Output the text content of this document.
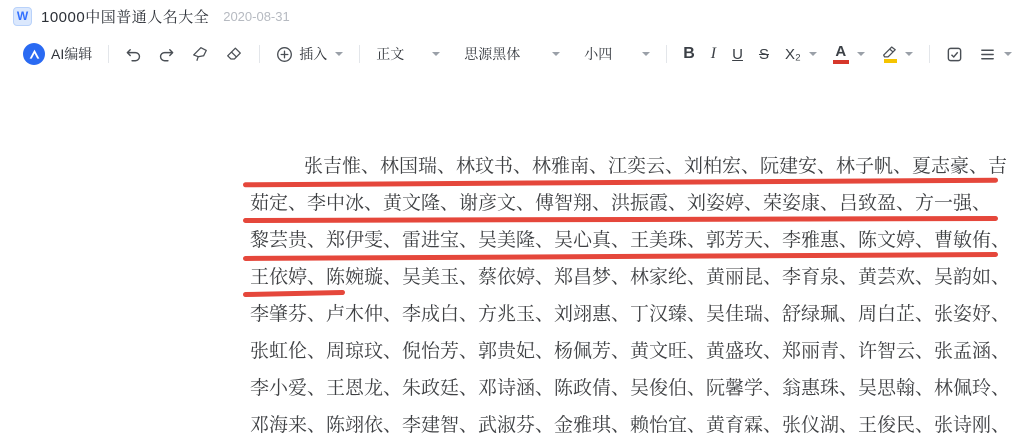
W 10000中国普通人名大全 2020-08-31
AI编辑	插入	正文	思源黑体	小四	B I U S X₂ A
张吉惟、林国瑞、林玟书、林雅南、江奕云、刘柏宏、阮建安、林子帆、夏志豪、吉
茹定、李中冰、黄文隆、谢彦文、傅智翔、洪振霞、刘姿婷、荣姿康、吕致盈、方一强、
黎芸贵、郑伊雯、雷进宝、吴美隆、吴心真、王美珠、郭芳天、李雅惠、陈文婷、曹敏侑、
王依婷、陈婉璇、吴美玉、蔡依婷、郑昌梦、林家纶、黄丽昆、李育泉、黄芸欢、吴韵如、
李肇芬、卢木仲、李成白、方兆玉、刘翊惠、丁汉臻、吴佳瑞、舒绿珮、周白芷、张姿妤、
张虹伦、周琼玟、倪怡芳、郭贵妃、杨佩芳、黄文旺、黄盛玫、郑丽青、许智云、张孟涵、
李小爱、王恩龙、朱政廷、邓诗涵、陈政倩、吴俊伯、阮馨学、翁惠珠、吴思翰、林佩玲、
邓海来、陈翊依、李建智、武淑芬、金雅琪、赖怡宜、黄育霖、张仪湖、王俊民、张诗刚、
